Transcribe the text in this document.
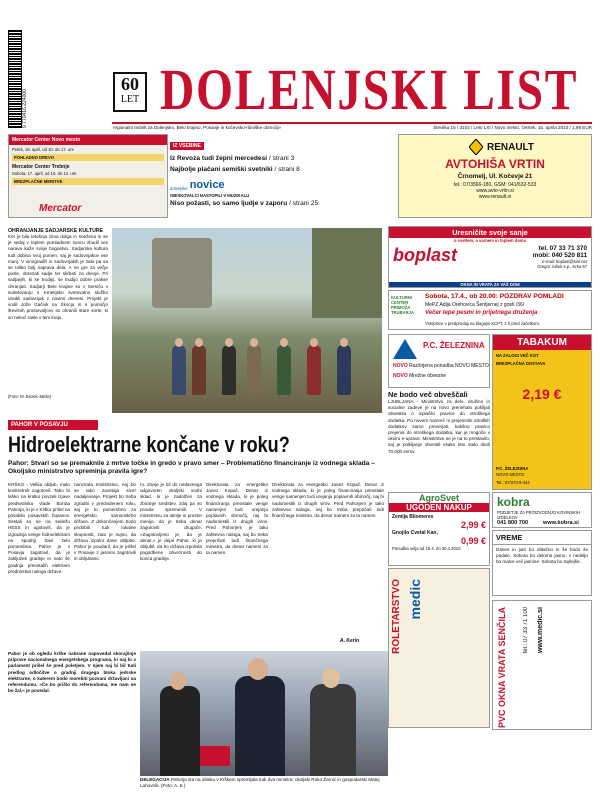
9 770416 224000
60
LET DOLENJSKI LIST
regionalni tednik za Dolenjsko, Belo krajino, Posavje in kočevsko-ribniške območje	Številka 15 / 3103 / Leto LXI / Novo mesto, četrtek, 15. aprila 2010 / 1,98 EUR
Mercator Center Novo mesto
Petek, 16. april, od 10. do 17. ure
POHLADNO DREVO
Mercator Center Trebnje
Sobota, 17. april, od 10. do 12. ure
BREZPLAČNE MERITVE
Mercator
IZ VSEBINE
Iz Revoza tudi žepni mercedesi / strani 3
Najbolje plačani semiški svetniki / strani 8
dolenjske novice
OBISKOVALCI NASTOPILI V MUZIKALU
Niso požasti, so samo ljudje v zaporu / strani 25
RENAULT
AVTOHIŠA VRTIN
Črnomelj, Ul. Kočevje 21
tel.: 07/3566-180, GSM: 041/632-533
www.avto-vrtin.si
www.renault.si
OHRANJANJE SADJARSKE KULTURE
Ker je bila letošnja zima dolga in snežena in se je sedaj v toplem pomladnem soncu zbudil ves narava kaže svoje bogastvo. Sadjarska kultura tudi dobiva svoj pomen, saj je sadovnjakov vse manj. V vinogradih in sadovnjakih je zato pa sa se toliko bolj naprava dela. A ne gre za večje posle, obrezati sadje ter skrbeti za drevje. Pri sadjarjih, ki se trudijo, se trudijo dobre prakse ohranjati. Sadjarji Bele krajine so v Semiču v sodelovanju s Kmetijsko svetovalno službo uredili sadovnjak z novimi drevesi. Projekt je vodil Jože Gačnik na Škocju in s pomočjo številnih prostovoljcev so ohranili stare sorte, ki so nekoč rasle v tem kraju.
(Foto: M. Bezek-Jakše)
PAHOR V POSAVJU
Hidroelektrarne končane v roku?
Pahor: Stvari so se premaknile z mrtve točke in gredo v pravo smer – Problematično financiranje iz vodnega sklada – Okoljsko ministrstvo spreminja pravila igre?
KRŠKO - Velika obljub, malo konkretnih zagotovil. Tako bi lahko na kratko povzeli izjave predsednika vlade Boruta Pahorja, ki je v Krško prišel na povabilo posavskih županov. Sestali so se na sedežu HESS in ugotovili, da je izgradnja verige hidroelektrarn na spodnji Savi zelo pomembna. Pahor je v Posavju zagotovil, da je zaključek gradnje in nato še gradnja preostalih elektrarn prednostna naloga države.
nancirata ministrstvo, naj bo se tako zaostaja sicer nadaljevanje. Projekt bo treba zgraditi v predvidenem roku, saj je to pomembno za energetsko samooskrbo države. Z dokončanjem bodo pridobili tudi lokalne skupnosti, zato je nujno, da država izpolni dane obljube. Pahor je poudaril, da je prišel v Posavje z jasnimi zagotovili in obljubami.
ro. Zanje je bil do nedavnega odgovoren okoljski vodni sklad, ki je zadolžen za zbiranje sredstev, zdaj pa so pravila spremenili. V ministrstvu za okolje in prostor menijo, da je treba denar zagotoviti drugače. »Zagotovljeno je, da je denar,« je dejal Pahor, ki je obljubil, da bo država izpolnila pogodbene obveznosti do konca gradnje.
Direktorata za energetiko Janez Kopač. Denar iz vodnega sklada, ki je poleg financiranja preostale verige namenjen tudi urejanju poplavnih območij, naj bi nadomestili iz drugih virov. Pred Pahorjem je tako zahtevna naloga, saj bo treba prepričati tudi finančnega ministra, da denar nameni za ta namen.
Direktorata za energetiko Janez Kopač. Denar iz vodnega sklada, ki je poleg financiranja preostale verige namenjen tudi urejanju poplavnih območij, naj bi nadomestili iz drugih virov. Pred Pahorjem je tako zahtevna naloga, saj bo treba prepričati tudi finančnega ministra, da denar nameni za ta namen.
A. Kerin
Pahor je ob ogledu krške nabrane napovedal skorajšnje priprave nacionalnega energetskega programa, ki naj bi v parlament prišel še pred poletjem. V njem naj bi bil tudi predlog odločitve o gradnji drugega bloka jedrske elektrarne, o katerem bodo morebiti pozvani državljani na referendumu. »Če bo prišlo do referenduma, me nam ne bo žal,« je povedal.
DELEGACIJA Pahorja sta na obisku v Krškem spremljala tudi dva ministra: okoljski Roko Žarnić in gospodarski Matej Lahovnik. (Foto: A. K.)
Uresničite svoje sanje
o svetlem, a varnem in toplem domu
boplast	tel. 07 33 71 370
mobi: 040 520 811
e-mail: boplast@siol.net
Gregor Jušek s.p., Krka 57
OKNA IN VRATA ZA VAŠ DOM
KULTURNI CENTER PRIMOŽA TRUBARJA
Sobota, 17.4., ob 20.00: POZDRAV POMLADI
MePZ Adija Orehovica Šentjernej z gosti /36/
Večer lepe pesmi in prijetnega druženja
Vstopnice v predprodaji na blagajni KCPT, 1 h pred začetkom.
P.C. ŽELEZNINA
NOVO Razširjena ponudba NOVO MESTO
NOVO Mrežne obvezne
TABAKUM
NA ZALOGI VEČ KOT
BREZPLAČNA DOSTAVA
2,19 €
P.C. ŽELEZNINA
NOVO MESTO
Tel.: 07/373-9-444
Ne bodo več obveščali
LJUBLJANA - Ministrstvo za delo, družino in socialne zadeve je na novo prenehalo pošiljati obvestila o izplačilu pravice do otroškega dodatka. Po novem namreč ni prejemniki otroških dodatkov samo preverjati, kakšno pravico prejema do otroškega dodatka, kar je mogoče v okviru e-uprave. Ministrstvo se je na to prestavilo, saj je pošiljanje obvestil vsako leto stalo okoli 70.000 evrov.
AgroSvet
UGODEN NAKUP
Zemlja Bliomeres
2,99 €
Gnojilo Cvetal Kan,
0,99 €
Ponudba velja od 15.4. do 30.4.2010.
kobra
PODJETJE ZA PROIZVODNJO KOVINSKIH IZDELKOV
041 800 700	www.kobra.si
VREME
Danes in jutri bo oblačno in še bodo še padale. Sobota bo deloma jasno, v nedeljo bo malce več jasnine. Sobota bo toplejše.
ROLETARSTVO medic
PVC OKNA VRATA SENČILA	tel.: 07 33 71 100 www.medic.si
